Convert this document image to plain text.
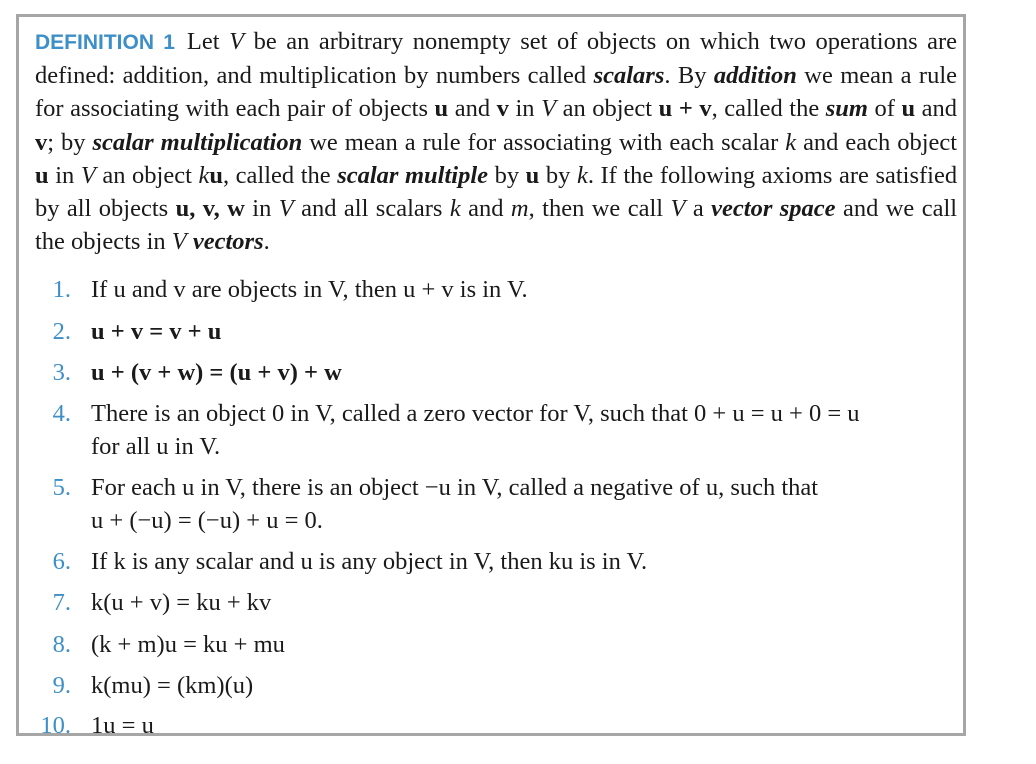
DEFINITION 1 Let V be an arbitrary nonempty set of objects on which two operations are defined: addition, and multiplication by numbers called scalars. By addition we mean a rule for associating with each pair of objects u and v in V an object u + v, called the sum of u and v; by scalar multiplication we mean a rule for associating with each scalar k and each object u in V an object ku, called the scalar multiple by u by k. If the following axioms are satisfied by all objects u, v, w in V and all scalars k and m, then we call V a vector space and we call the objects in V vectors.

1. If u and v are objects in V, then u + v is in V.
2. u + v = v + u
3. u + (v + w) = (u + v) + w
4. There is an object 0 in V, called a zero vector for V, such that 0 + u = u + 0 = u
for all u in V.
5. For each u in V, there is an object −u in V, called a negative of u, such that
u + (−u) = (−u) + u = 0.
6. If k is any scalar and u is any object in V, then ku is in V.
7. k(u + v) = ku + kv
8. (k + m)u = ku + mu
9. k(mu) = (km)(u)
10. 1u = u
